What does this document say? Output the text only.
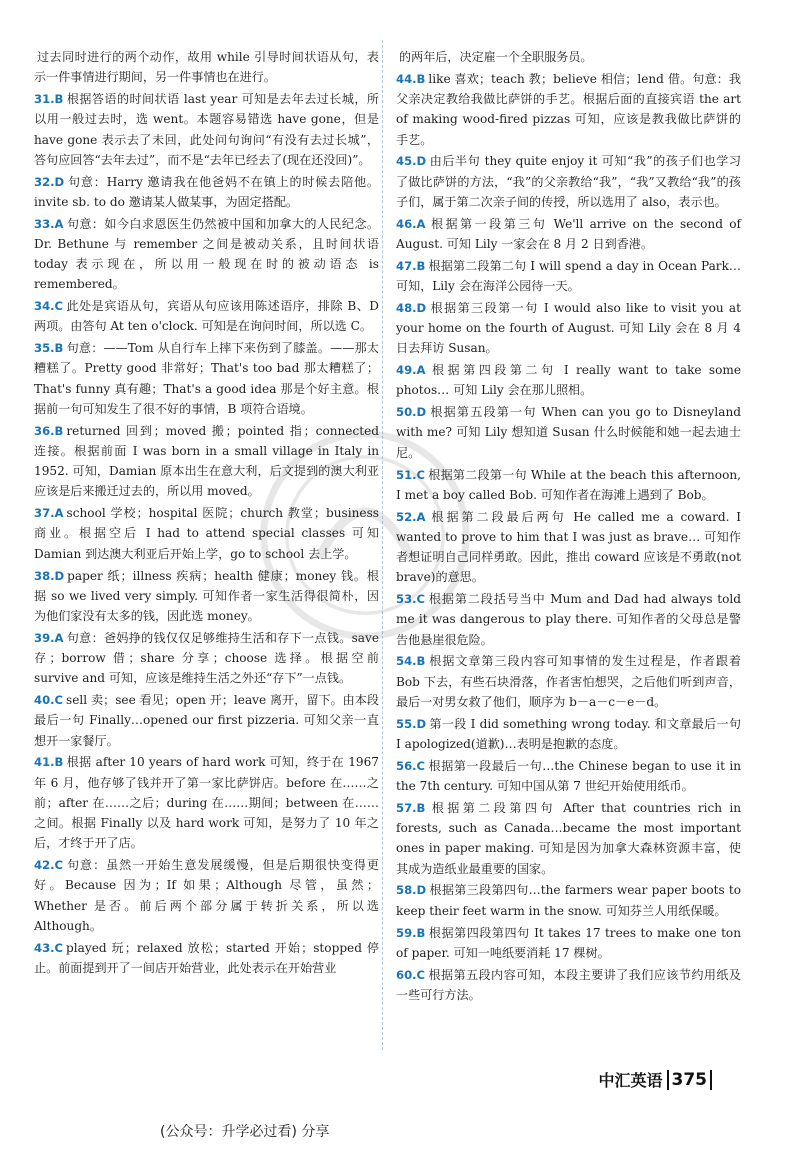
过去同时进行的两个动作，故用 while 引导时间状语从句，表示一件事情进行期间，另一件事情也在进行。

31.B 根据答语的时间状语 last year 可知是去年去过长城，所以用一般过去时，选 went。本题容易错选 have gone，但是 have gone 表示去了未回，此处问句询问“有没有去过长城”，答句应回答“去年去过”，而不是“去年已经去了(现在还没回)”。

32.D 句意：Harry 邀请我在他爸妈不在镇上的时候去陪他。invite sb. to do 邀请某人做某事，为固定搭配。

33.A 句意：如今白求恩医生仍然被中国和加拿大的人民纪念。Dr. Bethune 与 remember 之间是被动关系，且时间状语 today 表示现在，所以用一般现在时的被动语态 is remembered。

34.C 此处是宾语从句，宾语从句应该用陈述语序，排除 B、D 两项。由答句 At ten o'clock. 可知是在询问时间，所以选 C。

35.B 句意：——Tom 从自行车上摔下来伤到了膝盖。——那太糟糕了。Pretty good 非常好；That's too bad 那太糟糕了；That's funny 真有趣；That's a good idea 那是个好主意。根据前一句可知发生了很不好的事情，B 项符合语境。

36.B returned 回到；moved 搬；pointed 指；connected 连接。根据前面 I was born in a small village in Italy in 1952. 可知，Damian 原本出生在意大利，后文提到的澳大利亚应该是后来搬迁过去的，所以用 moved。

37.A school 学校；hospital 医院；church 教堂；business 商业。根据空后 I had to attend special classes 可知 Damian 到达澳大利亚后开始上学，go to school 去上学。

38.D paper 纸；illness 疾病；health 健康；money 钱。根据 so we lived very simply. 可知作者一家生活得很简朴，因为他们家没有太多的钱，因此选 money。

39.A 句意：爸妈挣的钱仅仅足够维持生活和存下一点钱。save 存；borrow 借；share 分享；choose 选择。根据空前 survive and 可知，应该是维持生活之外还“存下”一点钱。

40.C sell 卖；see 看见；open 开；leave 离开，留下。由本段最后一句 Finally…opened our first pizzeria. 可知父亲一直想开一家餐厅。

41.B 根据 after 10 years of hard work 可知，终于在 1967 年 6 月，他存够了钱并开了第一家比萨饼店。before 在……之前；after 在……之后；during 在……期间；between 在……之间。根据 Finally 以及 hard work 可知，是努力了 10 年之后，才终于开了店。

42.C 句意：虽然一开始生意发展缓慢，但是后期很快变得更好。Because 因为；If 如果；Although 尽管，虽然；Whether 是否。前后两个部分属于转折关系，所以选 Although。

43.C played 玩；relaxed 放松；started 开始；stopped 停止。前面提到开了一间店开始营业，此处表示在开始营业

的两年后，决定雇一个全职服务员。

44.B like 喜欢；teach 教；believe 相信；lend 借。句意：我父亲决定教给我做比萨饼的手艺。根据后面的直接宾语 the art of making wood-fired pizzas 可知，应该是教我做比萨饼的手艺。

45.D 由后半句 they quite enjoy it 可知“我”的孩子们也学习了做比萨饼的方法，“我”的父亲教给“我”，“我”又教给“我”的孩子们，属于第二次亲子间的传授，所以选用了 also，表示也。

46.A 根据第一段第三句 We'll arrive on the second of August. 可知 Lily 一家会在 8 月 2 日到香港。

47.B 根据第二段第二句 I will spend a day in Ocean Park… 可知，Lily 会在海洋公园待一天。

48.D 根据第三段第一句 I would also like to visit you at your home on the fourth of August. 可知 Lily 会在 8 月 4 日去拜访 Susan。

49.A 根据第四段第二句 I really want to take some photos… 可知 Lily 会在那儿照相。

50.D 根据第五段第一句 When can you go to Disneyland with me? 可知 Lily 想知道 Susan 什么时候能和她一起去迪士尼。

51.C 根据第二段第一句 While at the beach this afternoon, I met a boy called Bob. 可知作者在海滩上遇到了 Bob。

52.A 根据第二段最后两句 He called me a coward. I wanted to prove to him that I was just as brave… 可知作者想证明自己同样勇敢。因此，推出 coward 应该是不勇敢(not brave)的意思。

53.C 根据第二段括号当中 Mum and Dad had always told me it was dangerous to play there. 可知作者的父母总是警告他悬崖很危险。

54.B 根据文章第三段内容可知事情的发生过程是，作者跟着 Bob 下去，有些石块滑落，作者害怕想哭，之后他们听到声音，最后一对男女救了他们，顺序为 b－a－c－e－d。

55.D 第一段 I did something wrong today. 和文章最后一句 I apologized(道歉)…表明是抱歉的态度。

56.C 根据第一段最后一句…the Chinese began to use it in the 7th century. 可知中国从第 7 世纪开始使用纸币。

57.B 根据第二段第四句 After that countries rich in forests, such as Canada…became the most important ones in paper making. 可知是因为加拿大森林资源丰富，使其成为造纸业最重要的国家。

58.D 根据第三段第四句…the farmers wear paper boots to keep their feet warm in the snow. 可知芬兰人用纸保暖。

59.B 根据第四段第四句 It takes 17 trees to make one ton of paper. 可知一吨纸要消耗 17 棵树。

60.C 根据第五段内容可知，本段主要讲了我们应该节约用纸及一些可行方法。

中汇英语 375
(公众号：升学必过看) 分享
